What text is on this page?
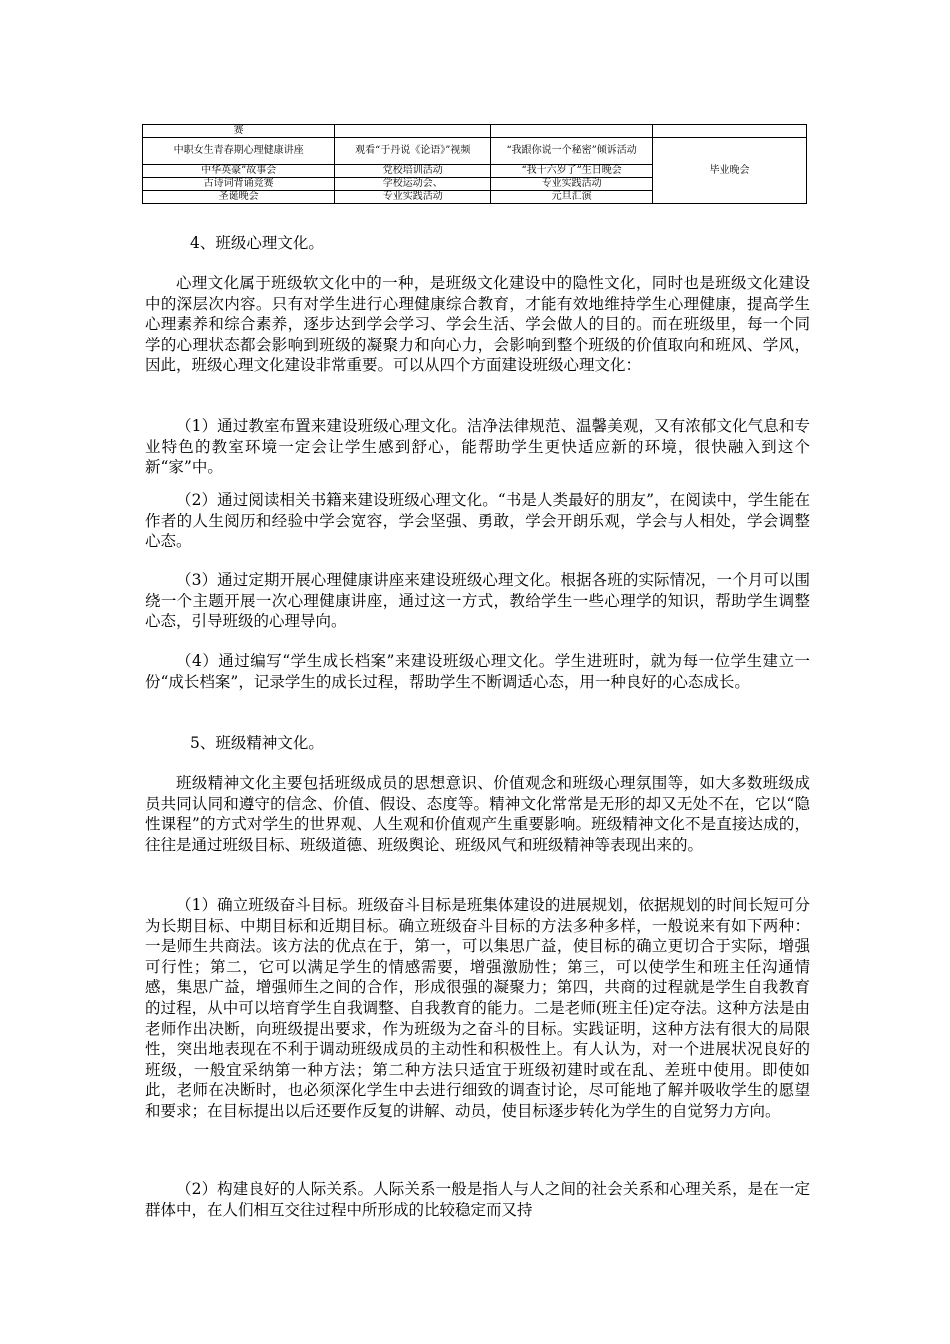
赛			
中职女生青春期心理健康讲座	观看“于丹说《论语》”视频	“我跟你说一个秘密”倾诉活动	毕业晚会
中华英豪”故事会	党校培训活动	“我十六岁了”生日晚会	
古诗词背诵竞赛	学校运动会、	专业实践活动	
圣诞晚会	专业实践活动	元旦汇演	
4、班级心理文化。

心理文化属于班级软文化中的一种，是班级文化建设中的隐性文化，同时也是班级文化建设中的深层次内容。只有对学生进行心理健康综合教育，才能有效地维持学生心理健康，提高学生心理素养和综合素养，逐步达到学会学习、学会生活、学会做人的目的。而在班级里，每一个同学的心理状态都会影响到班级的凝聚力和向心力，会影响到整个班级的价值取向和班风、学风，因此，班级心理文化建设非常重要。可以从四个方面建设班级心理文化：

（1）通过教室布置来建设班级心理文化。洁净法律规范、温馨美观，又有浓郁文化气息和专业特色的教室环境一定会让学生感到舒心，能帮助学生更快适应新的环境，很快融入到这个新“家”中。

（2）通过阅读相关书籍来建设班级心理文化。“书是人类最好的朋友”，在阅读中，学生能在作者的人生阅历和经验中学会宽容，学会坚强、勇敢，学会开朗乐观，学会与人相处，学会调整心态。

（3）通过定期开展心理健康讲座来建设班级心理文化。根据各班的实际情况，一个月可以围绕一个主题开展一次心理健康讲座，通过这一方式，教给学生一些心理学的知识，帮助学生调整心态，引导班级的心理导向。

（4）通过编写“学生成长档案”来建设班级心理文化。学生进班时，就为每一位学生建立一份“成长档案”，记录学生的成长过程，帮助学生不断调适心态，用一种良好的心态成长。

5、班级精神文化。

班级精神文化主要包括班级成员的思想意识、价值观念和班级心理氛围等，如大多数班级成员共同认同和遵守的信念、价值、假设、态度等。精神文化常常是无形的却又无处不在，它以“隐性课程”的方式对学生的世界观、人生观和价值观产生重要影响。班级精神文化不是直接达成的，往往是通过班级目标、班级道德、班级舆论、班级风气和班级精神等表现出来的。

（1）确立班级奋斗目标。班级奋斗目标是班集体建设的进展规划，依据规划的时间长短可分为长期目标、中期目标和近期目标。确立班级奋斗目标的方法多种多样，一般说来有如下两种：一是师生共商法。该方法的优点在于，第一，可以集思广益，使目标的确立更切合于实际，增强可行性；第二，它可以满足学生的情感需要，增强激励性；第三，可以使学生和班主任沟通情感，集思广益，增强师生之间的合作，形成很强的凝聚力；第四，共商的过程就是学生自我教育的过程，从中可以培育学生自我调整、自我教育的能力。二是老师(班主任)定夺法。这种方法是由老师作出决断，向班级提出要求，作为班级为之奋斗的目标。实践证明，这种方法有很大的局限性，突出地表现在不利于调动班级成员的主动性和积极性上。有人认为，对一个进展状况良好的班级，一般宜采纳第一种方法；第二种方法只适宜于班级初建时或在乱、差班中使用。即使如此，老师在决断时，也必须深化学生中去进行细致的调查讨论，尽可能地了解并吸收学生的愿望和要求；在目标提出以后还要作反复的讲解、动员，使目标逐步转化为学生的自觉努力方向。

（2）构建良好的人际关系。人际关系一般是指人与人之间的社会关系和心理关系，是在一定群体中，在人们相互交往过程中所形成的比较稳定而又持
